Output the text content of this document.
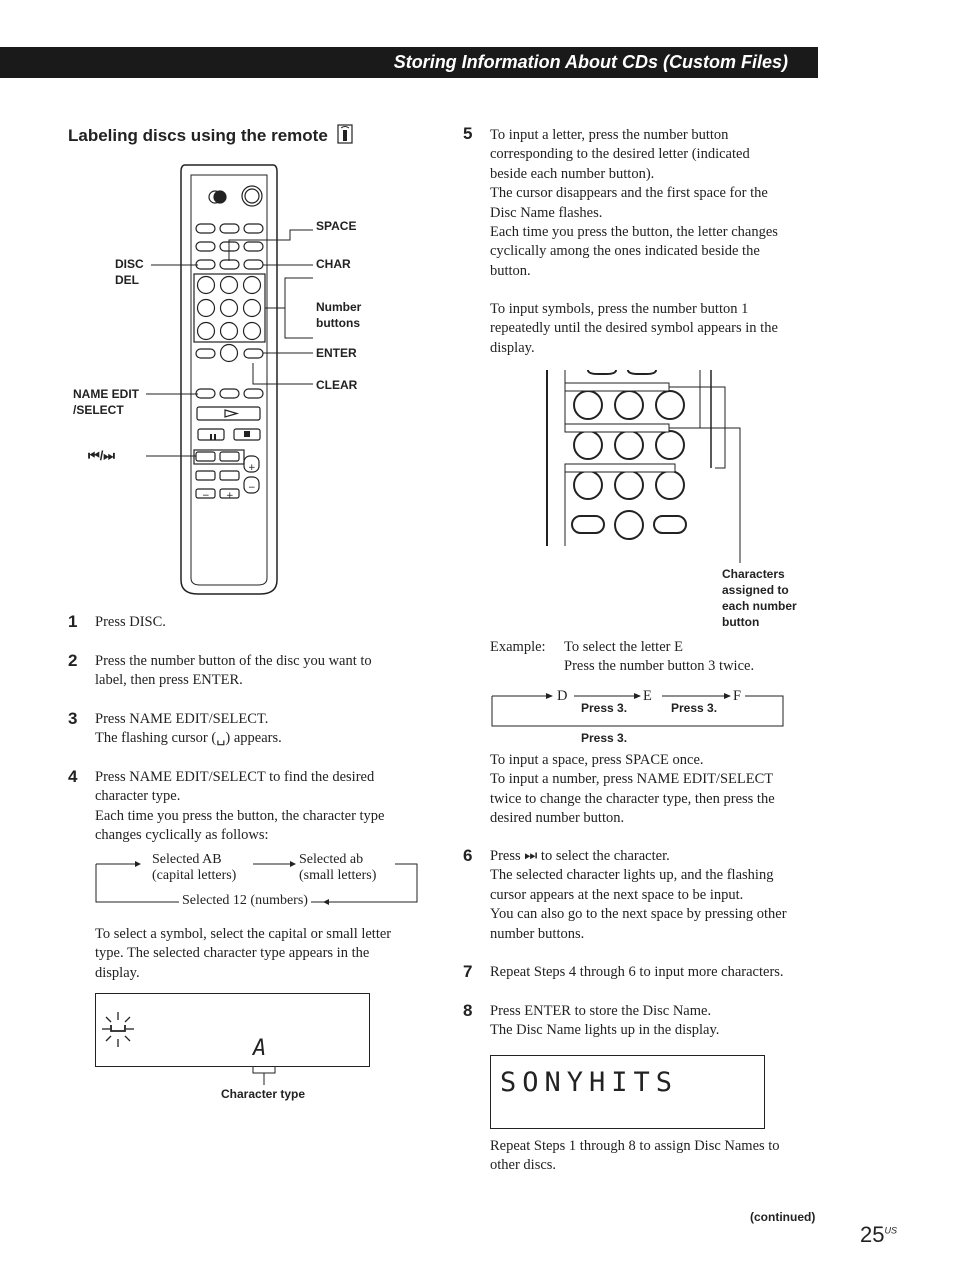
Storing Information About CDs (Custom Files)
Labeling discs using the remote
+
−
− +
SPACE
CHAR
DISC
DEL
Number
buttons
ENTER
CLEAR
NAME EDIT
/SELECT
⏮/⏭
1 Press DISC.
2 Press the number button of the disc you want to
label, then press ENTER.
3 Press NAME EDIT/SELECT.
The flashing cursor (␣) appears.
4 Press NAME EDIT/SELECT to find the desired
character type.
Each time you press the button, the character type
changes cyclically as follows:
Selected AB
(capital letters)
Selected ab
(small letters)
Selected 12 (numbers)
To select a symbol, select the capital or small letter
type. The selected character type appears in the
display.
A
Character type
5 To input a letter, press the number button
corresponding to the desired letter (indicated
beside each number button).
The cursor disappears and the first space for the
Disc Name flashes.
Each time you press the button, the letter changes
cyclically among the ones indicated beside the
button.
To input symbols, press the number button 1
repeatedly until the desired symbol appears in the
display.
Characters
assigned to
each number
button
Example: To select the letter E
Press the number button 3 twice.
D	E	F
Press 3.	Press 3.
Press 3.
To input a space, press SPACE once.
To input a number, press NAME EDIT/SELECT
twice to change the character type, then press the
desired number button.
6 Press ⏭ to select the character.
The selected character lights up, and the flashing
cursor appears at the next space to be input.
You can also go to the next space by pressing other
number buttons.
7 Repeat Steps 4 through 6 to input more characters.
8 Press ENTER to store the Disc Name.
The Disc Name lights up in the display.
SONYHITS
Repeat Steps 1 through 8 to assign Disc Names to
other discs.
(continued)
$25^{US}$
